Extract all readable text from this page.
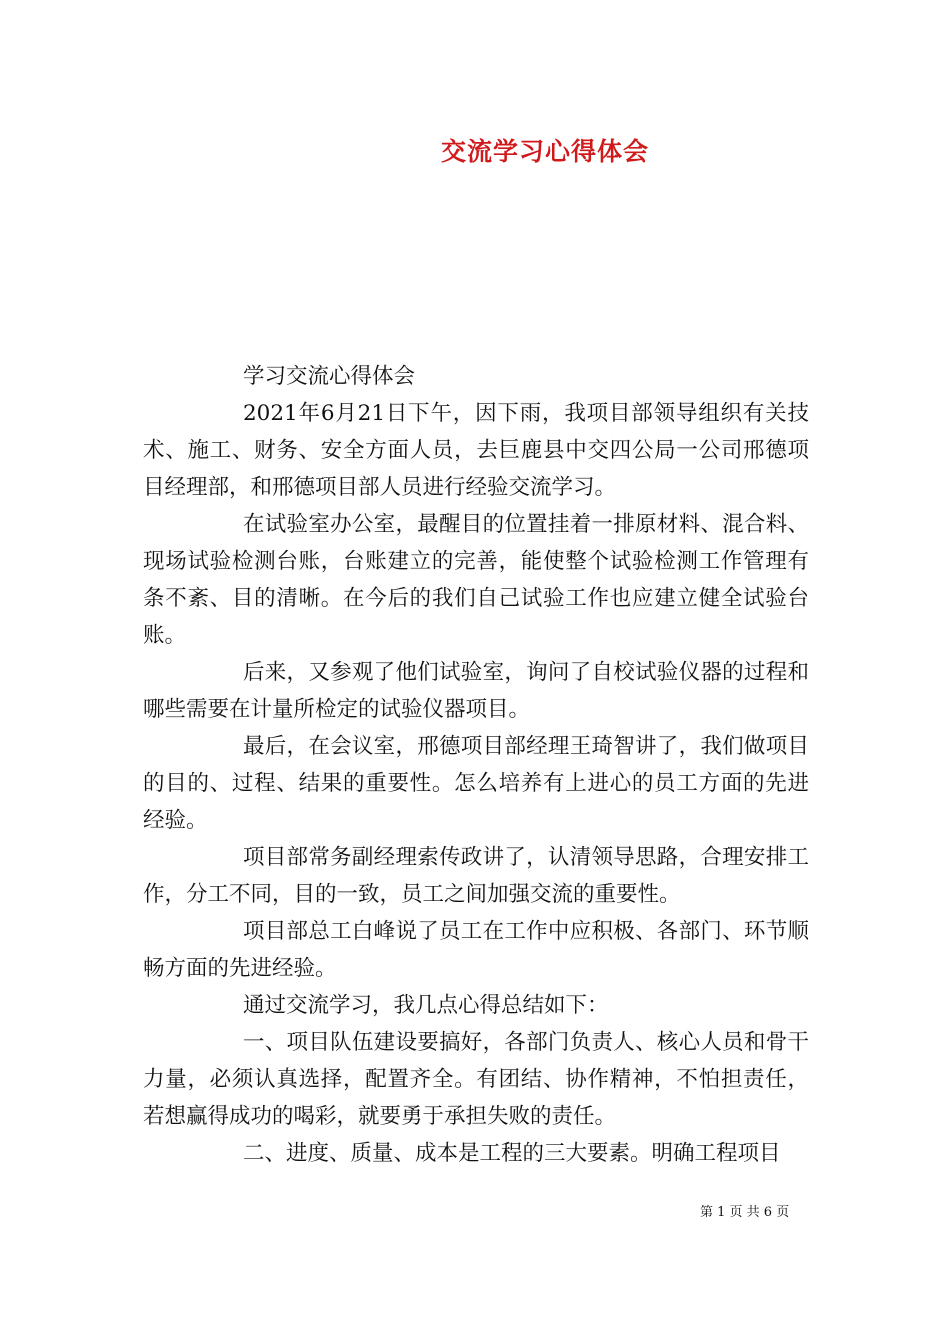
交流学习心得体会

学习交流心得体会

2021年6月21日下午，因下雨，我项目部领导组织有关技术、施工、财务、安全方面人员，去巨鹿县中交四公局一公司邢德项目经理部，和邢德项目部人员进行经验交流学习。

在试验室办公室，最醒目的位置挂着一排原材料、混合料、现场试验检测台账，台账建立的完善，能使整个试验检测工作管理有条不紊、目的清晰。在今后的我们自己试验工作也应建立健全试验台账。

后来，又参观了他们试验室，询问了自校试验仪器的过程和哪些需要在计量所检定的试验仪器项目。

最后，在会议室，邢德项目部经理王琦智讲了，我们做项目的目的、过程、结果的重要性。怎么培养有上进心的员工方面的先进经验。

项目部常务副经理索传政讲了，认清领导思路，合理安排工作，分工不同，目的一致，员工之间加强交流的重要性。

项目部总工白峰说了员工在工作中应积极、各部门、环节顺畅方面的先进经验。

通过交流学习，我几点心得总结如下：

一、项目队伍建设要搞好，各部门负责人、核心人员和骨干力量，必须认真选择，配置齐全。有团结、协作精神，不怕担责任，若想赢得成功的喝彩，就要勇于承担失败的责任。

二、进度、质量、成本是工程的三大要素。明确工程项目

第 1 页 共 6 页
